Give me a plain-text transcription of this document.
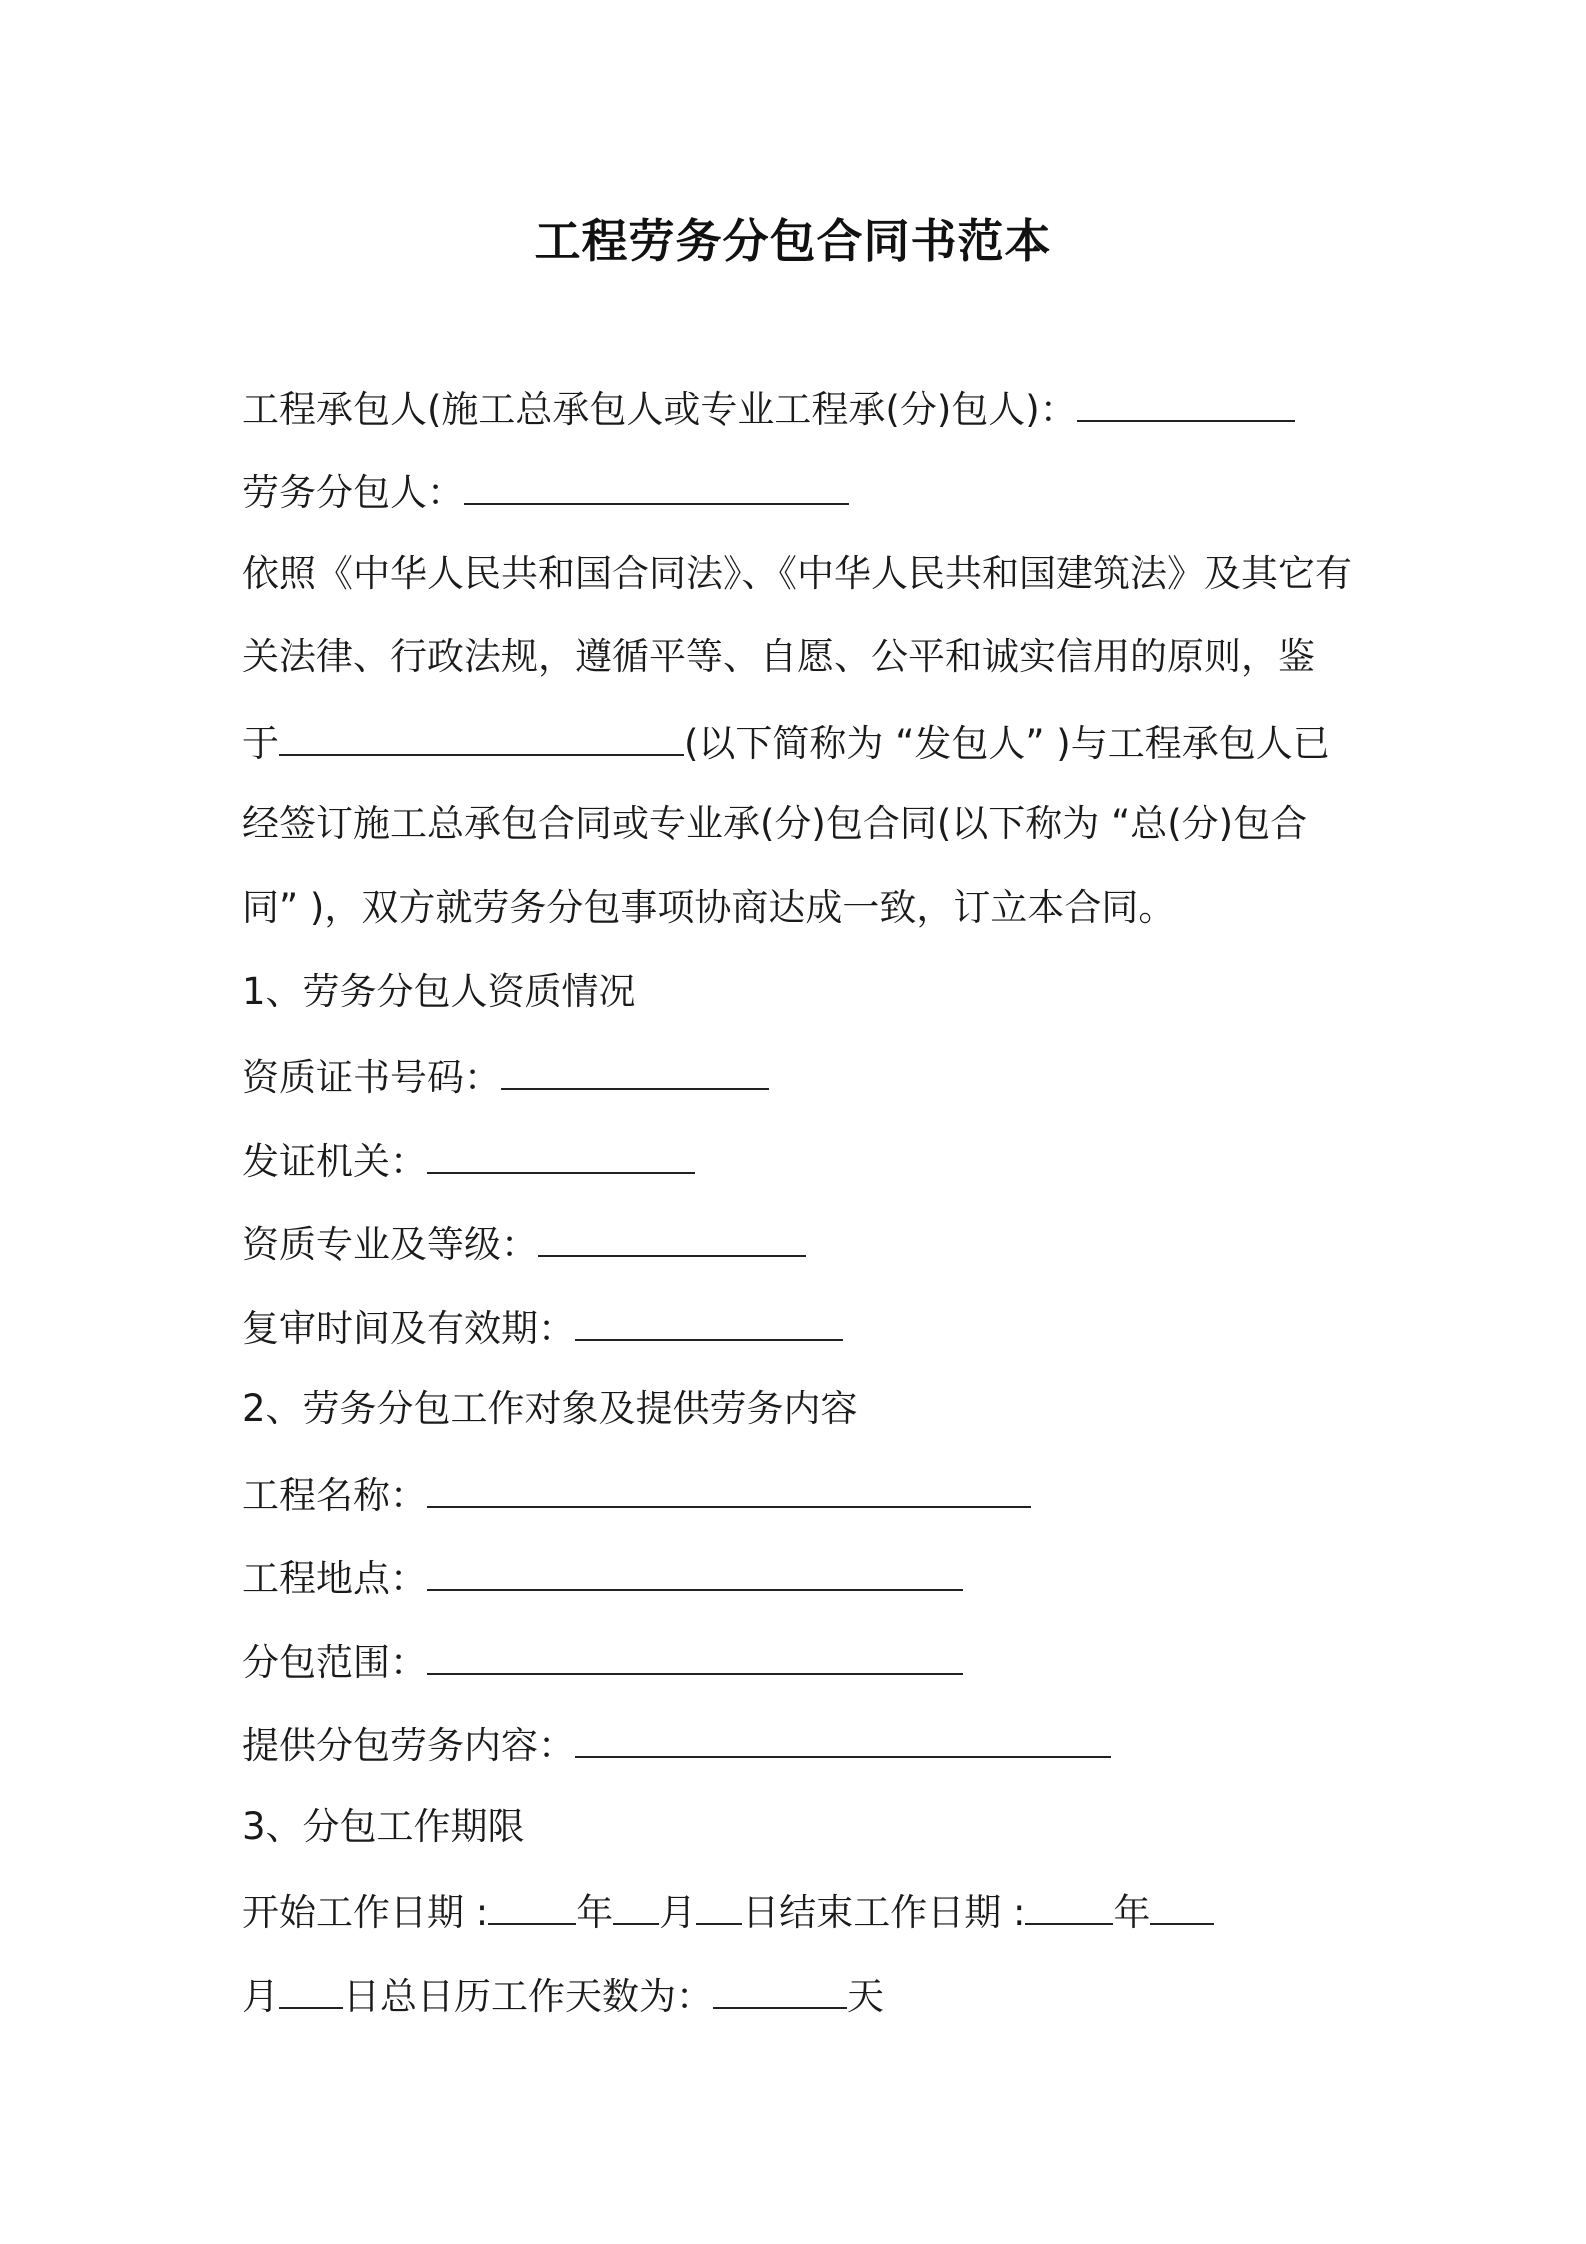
工程劳务分包合同书范本
工程承包人(施工总承包人或专业工程承(分)包人)：
劳务分包人：
依照《中华人民共和国合同法》、《中华人民共和国建筑法》及其它有
关法律、行政法规，遵循平等、自愿、公平和诚实信用的原则，鉴
于	(以下简称为 “发包人” )与工程承包人已
经签订施工总承包合同或专业承(分)包合同(以下称为 “总(分)包合
同” )，双方就劳务分包事项协商达成一致，订立本合同。
1、劳务分包人资质情况
资质证书号码：
发证机关：
资质专业及等级：
复审时间及有效期：
2、劳务分包工作对象及提供劳务内容
工程名称：
工程地点：
分包范围：
提供分包劳务内容：
3、分包工作期限
开始工作日期 : 年 月 日结束工作日期 : 年
月 日总日历工作天数为：	天
